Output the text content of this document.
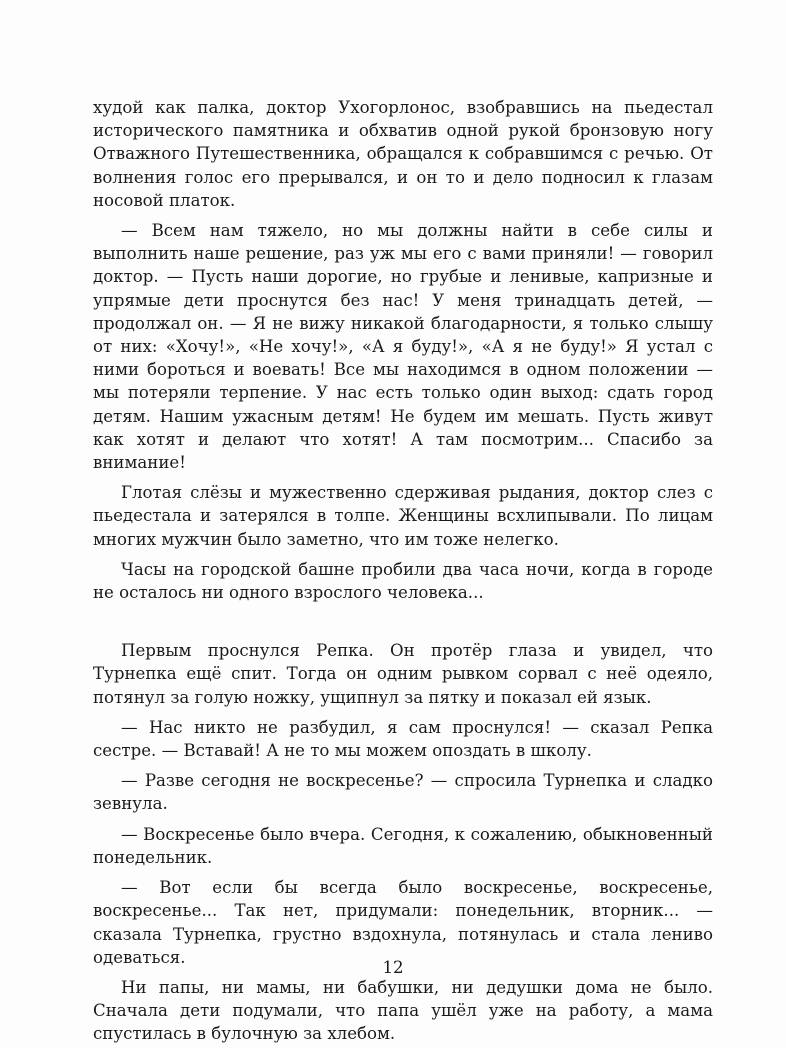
худой как палка, доктор Ухогорлонос, взобравшись на пьедестал исторического памятника и обхватив одной рукой бронзовую ногу Отважного Путешественника, обращался к собравшимся с речью. От волнения голос его прерывался, и он то и дело подносил к глазам носовой платок.

— Всем нам тяжело, но мы должны найти в себе силы и выполнить наше решение, раз уж мы его с вами приняли! — говорил доктор. — Пусть наши дорогие, но грубые и ленивые, капризные и упрямые дети проснутся без нас! У меня тринадцать детей, — продолжал он. — Я не вижу никакой благодарности, я только слышу от них: «Хочу!», «Не хочу!», «А я буду!», «А я не буду!» Я устал с ними бороться и воевать! Все мы находимся в одном положении — мы потеряли терпение. У нас есть только один выход: сдать город детям. Нашим ужасным детям! Не будем им мешать. Пусть живут как хотят и делают что хотят! А там посмотрим... Спасибо за внимание!

Глотая слёзы и мужественно сдерживая рыдания, доктор слез с пьедестала и затерялся в толпе. Женщины всхлипывали. По лицам многих мужчин было заметно, что им тоже нелегко.

Часы на городской башне пробили два часа ночи, когда в городе не осталось ни одного взрослого человека...

Первым проснулся Репка. Он протёр глаза и увидел, что Турнепка ещё спит. Тогда он одним рывком сорвал с неё одеяло, потянул за голую ножку, ущипнул за пятку и показал ей язык.

— Нас никто не разбудил, я сам проснулся! — сказал Репка сестре. — Вставай! А не то мы можем опоздать в школу.

— Разве сегодня не воскресенье? — спросила Турнепка и сладко зевнула.

— Воскресенье было вчера. Сегодня, к сожалению, обыкновенный понедельник.

— Вот если бы всегда было воскресенье, воскресенье, воскресенье... Так нет, придумали: понедельник, вторник... — сказала Турнепка, грустно вздохнула, потянулась и стала лениво одеваться.

Ни папы, ни мамы, ни бабушки, ни дедушки дома не было. Сначала дети подумали, что папа ушёл уже на работу, а мама спустилась в булочную за хлебом.

12
